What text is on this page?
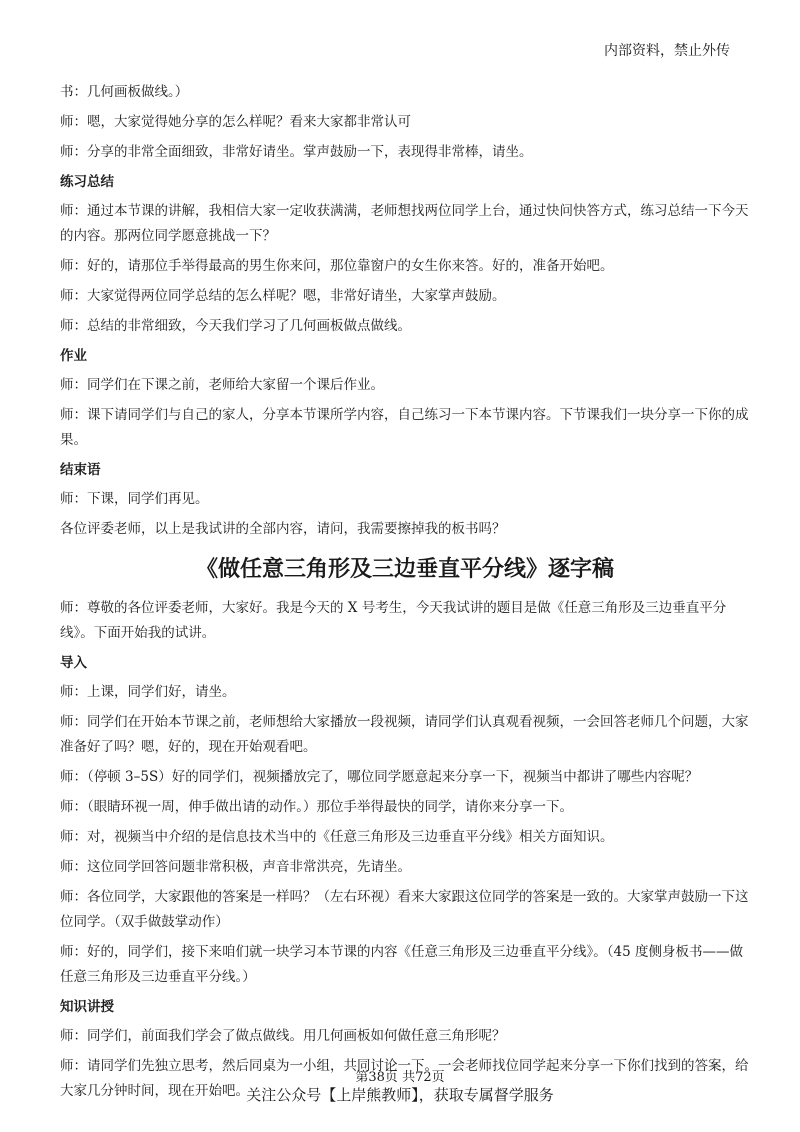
内部资料，禁止外传

书：几何画板做线。）

师：嗯，大家觉得她分享的怎么样呢？看来大家都非常认可

师：分享的非常全面细致，非常好请坐。掌声鼓励一下，表现得非常棒，请坐。

练习总结

师：通过本节课的讲解，我相信大家一定收获满满，老师想找两位同学上台，通过快问快答方式，练习总结一下今天的内容。那两位同学愿意挑战一下？

师：好的，请那位手举得最高的男生你来问，那位靠窗户的女生你来答。好的，准备开始吧。

师：大家觉得两位同学总结的怎么样呢？嗯，非常好请坐，大家掌声鼓励。

师：总结的非常细致，今天我们学习了几何画板做点做线。

作业

师：同学们在下课之前，老师给大家留一个课后作业。

师：课下请同学们与自己的家人，分享本节课所学内容，自己练习一下本节课内容。下节课我们一块分享一下你的成果。

结束语

师：下课，同学们再见。

各位评委老师，以上是我试讲的全部内容，请问，我需要擦掉我的板书吗？

《做任意三角形及三边垂直平分线》逐字稿

师：尊敬的各位评委老师，大家好。我是今天的 X 号考生，今天我试讲的题目是做《任意三角形及三边垂直平分线》。下面开始我的试讲。

导入

师：上课，同学们好，请坐。

师：同学们在开始本节课之前，老师想给大家播放一段视频，请同学们认真观看视频，一会回答老师几个问题，大家准备好了吗？嗯，好的，现在开始观看吧。

师：（停顿 3–5S）好的同学们，视频播放完了，哪位同学愿意起来分享一下，视频当中都讲了哪些内容呢？

师：（眼睛环视一周，伸手做出请的动作。）那位手举得最快的同学，请你来分享一下。

师：对，视频当中介绍的是信息技术当中的《任意三角形及三边垂直平分线》相关方面知识。

师：这位同学回答问题非常积极，声音非常洪亮，先请坐。

师：各位同学，大家跟他的答案是一样吗？（左右环视）看来大家跟这位同学的答案是一致的。大家掌声鼓励一下这位同学。（双手做鼓掌动作）

师：好的，同学们，接下来咱们就一块学习本节课的内容《任意三角形及三边垂直平分线》。（45 度侧身板书——做任意三角形及三边垂直平分线。）

知识讲授

师：同学们，前面我们学会了做点做线。用几何画板如何做任意三角形呢？

师：请同学们先独立思考，然后同桌为一小组，共同讨论一下。一会老师找位同学起来分享一下你们找到的答案，给大家几分钟时间，现在开始吧。

第38页 共72页
关注公众号【上岸熊教师】，获取专属督学服务
